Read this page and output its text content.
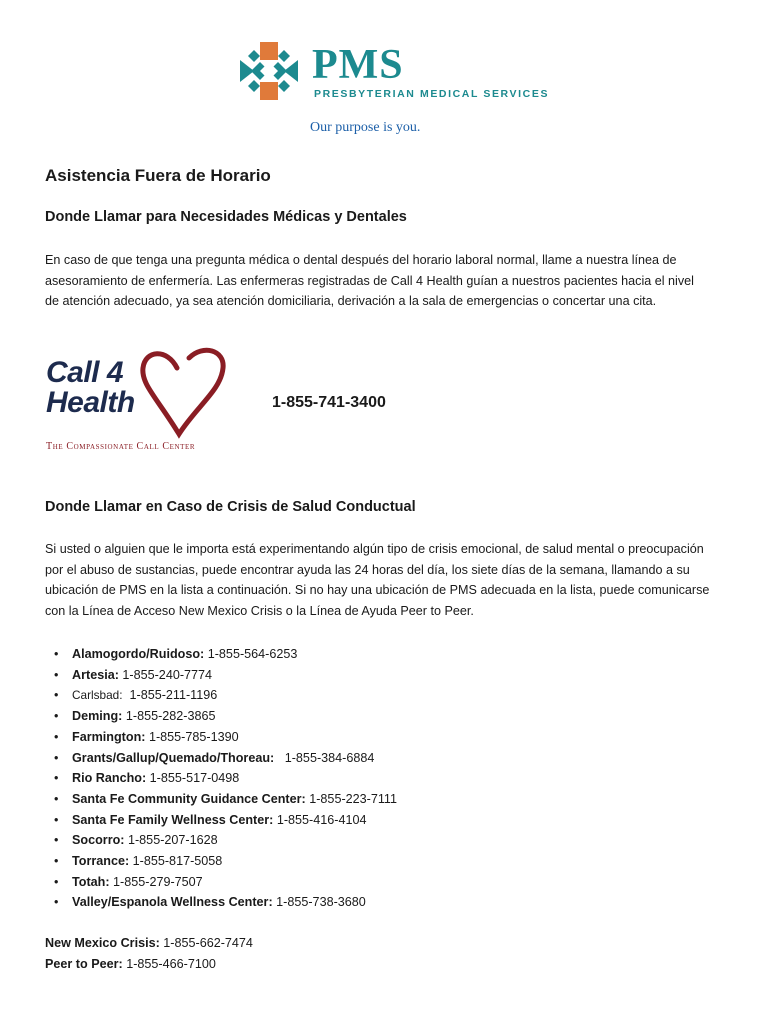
PMS
PRESBYTERIAN MEDICAL SERVICES
Our purpose is you.
Asistencia Fuera de Horario
Donde Llamar para Necesidades Médicas y Dentales

En caso de que tenga una pregunta médica o dental después del horario laboral normal, llame a nuestra línea de asesoramiento de enfermería. Las enfermeras registradas de Call 4 Health guían a nuestros pacientes hacia el nivel de atención adecuado, ya sea atención domiciliaria, derivación a la sala de emergencias o concertar una cita.

Call 4
Health
The Compassionate Call Center
1-855-741-3400
Donde Llamar en Caso de Crisis de Salud Conductual

Si usted o alguien que le importa está experimentando algún tipo de crisis emocional, de salud mental o preocupación por el abuso de sustancias, puede encontrar ayuda las 24 horas del día, los siete días de la semana, llamando a su ubicación de PMS en la lista a continuación. Si no hay una ubicación de PMS adecuada en la lista, puede comunicarse con la Línea de Acceso New Mexico Crisis o la Línea de Ayuda Peer to Peer.

• Alamogordo/Ruidoso: 1-855-564-6253
• Artesia: 1-855-240-7774
• Carlsbad: 1-855-211-1196
• Deming: 1-855-282-3865
• Farmington: 1-855-785-1390
• Grants/Gallup/Quemado/Thoreau: 1-855-384-6884
• Rio Rancho: 1-855-517-0498
• Santa Fe Community Guidance Center: 1-855-223-7111
• Santa Fe Family Wellness Center: 1-855-416-4104
• Socorro: 1-855-207-1628
• Torrance: 1-855-817-5058
• Totah: 1-855-279-7507
• Valley/Espanola Wellness Center: 1-855-738-3680
New Mexico Crisis: 1-855-662-7474
Peer to Peer: 1-855-466-7100
